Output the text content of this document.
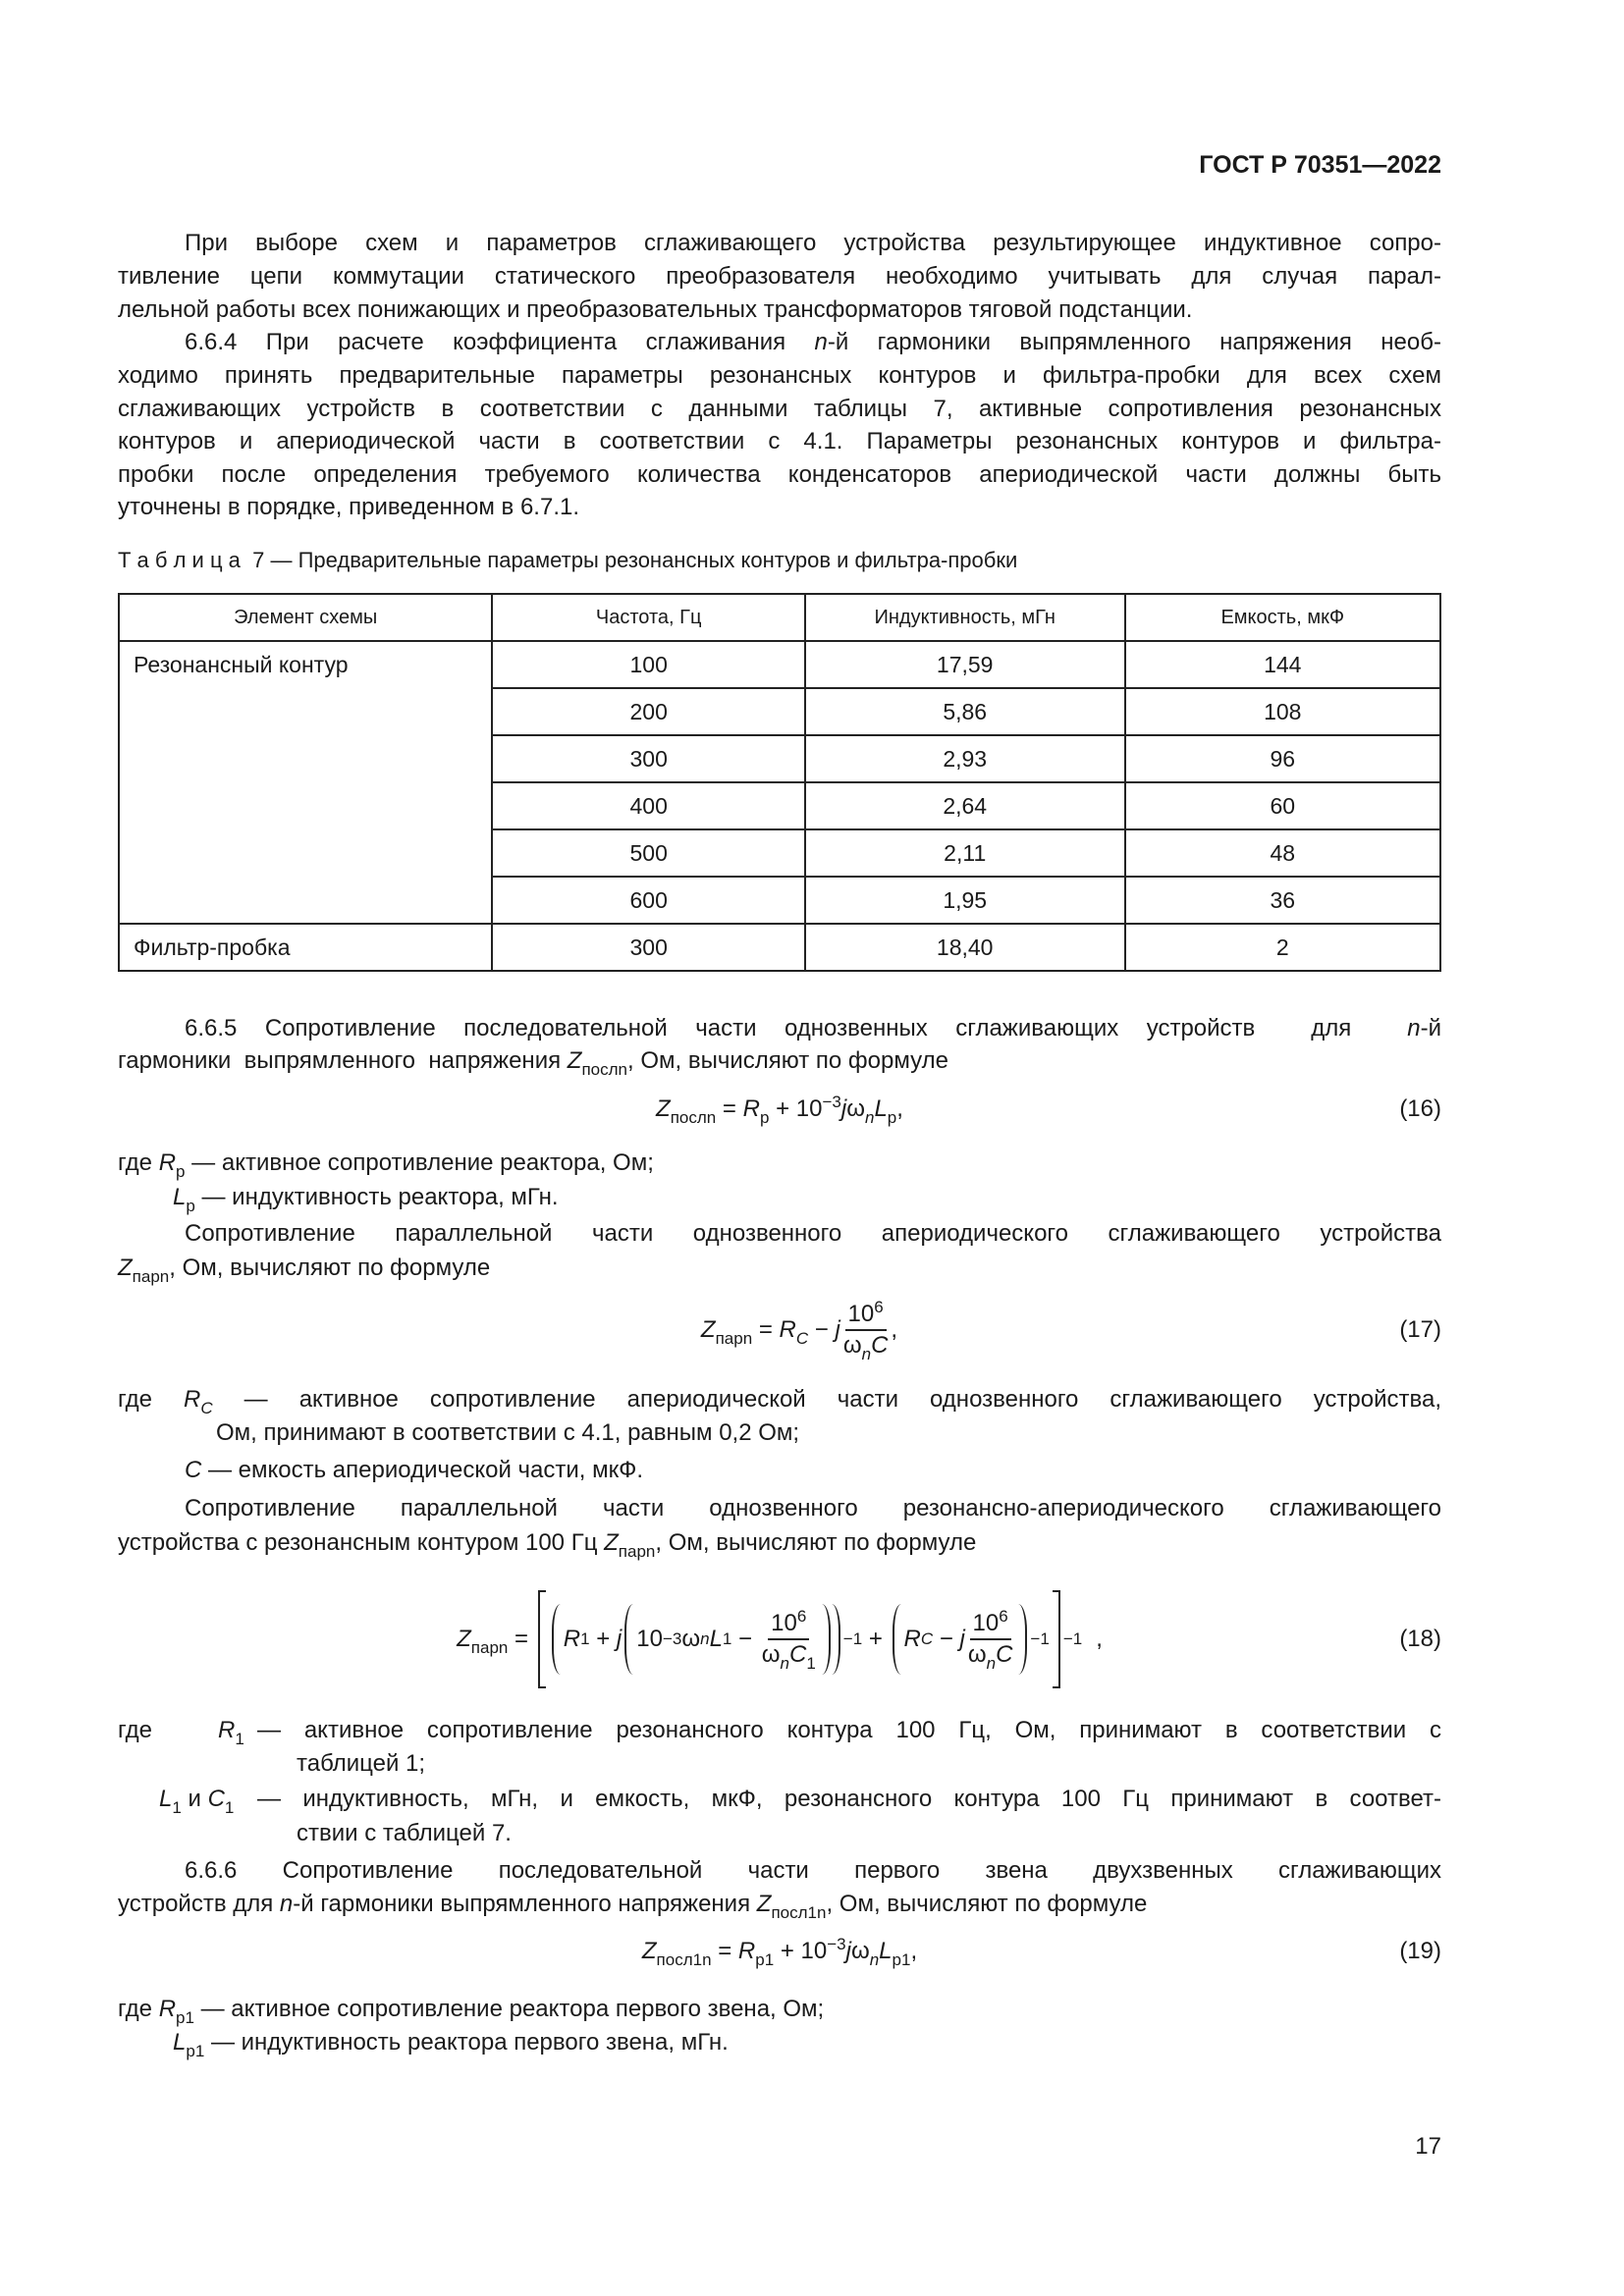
ГОСТ Р 70351—2022
При выборе схем и параметров сглаживающего устройства результирующее индуктивное сопро-
тивление цепи коммутации статического преобразователя необходимо учитывать для случая парал-
лельной работы всех понижающих и преобразовательных трансформаторов тяговой подстанции.
6.6.4 При расчете коэффициента сглаживания n-й гармоники выпрямленного напряжения необ-
ходимо принять предварительные параметры резонансных контуров и фильтра-пробки для всех схем
сглаживающих устройств в соответствии с данными таблицы 7, активные сопротивления резонансных
контуров и апериодической части в соответствии с 4.1. Параметры резонансных контуров и фильтра-
пробки после определения требуемого количества конденсаторов апериодической части должны быть
уточнены в порядке, приведенном в 6.7.1.
Т а б л и ц а  7 — Предварительные параметры резонансных контуров и фильтра-пробки
Элемент схемы	Частота, Гц	Индуктивность, мГн	Емкость, мкФ
Резонансный контур	100	17,59	144
	200	5,86	108
	300	2,93	96
	400	2,64	60
	500	2,11	48
	600	1,95	36
Фильтр-пробка	300	18,40	2
6.6.5 Сопротивление последовательной части однозвенных сглаживающих устройств  для  n-й
гармоники  выпрямленного  напряжения $Z_{послn}$, Ом, вычисляют по формуле
$Z_{послn} = R_р + 10^{-3}j\omega_nL_р$,	(16)
где $R_р$ — активное сопротивление реактора, Ом;
$L_р$ — индуктивность реактора, мГн.
Сопротивление параллельной части однозвенного апериодического сглаживающего устройства
$Z_{парn}$, Ом, вычисляют по формуле
$Z_{парn} = R_C - j \frac{10^6}{\omega_nC}$ ,	(17)
где $R_C$ — активное сопротивление апериодической части однозвенного сглаживающего устройства,
Ом, принимают в соответствии с 4.1, равным 0,2 Ом;
C — емкость апериодической части, мкФ.
Сопротивление параллельной части однозвенного резонансно-апериодического сглаживающего
устройства с резонансным контуром 100 Гц $Z_{парn}$, Ом, вычисляют по формуле
$Z_{парn} = R$ 1 + j 10 −3 ω n L $1 - \frac{10^6}{\omega_nC_1} -1 + R$ C − j $\frac{10^6}{\omega_nC} -1 -1$ ,	(18)
где	$R_1$ — активное сопротивление резонансного контура 100 Гц, Ом, принимают в соответствии с
таблицей 1;
$L_1$ и $C_1$ — индуктивность, мГн, и емкость, мкФ, резонансного контура 100 Гц принимают в соответ-
ствии с таблицей 7.
6.6.6 Сопротивление последовательной части первого звена двухзвенных сглаживающих
устройств для n-й гармоники выпрямленного напряжения $Z_{посл1n}$, Ом, вычисляют по формуле
$Z_{посл1n} = R_{р1} + 10^{-3}j\omega_nL_{р1}$,	(19)
где $R_{р1}$ — активное сопротивление реактора первого звена, Ом;
$L_{р1}$ — индуктивность реактора первого звена, мГн.
17
